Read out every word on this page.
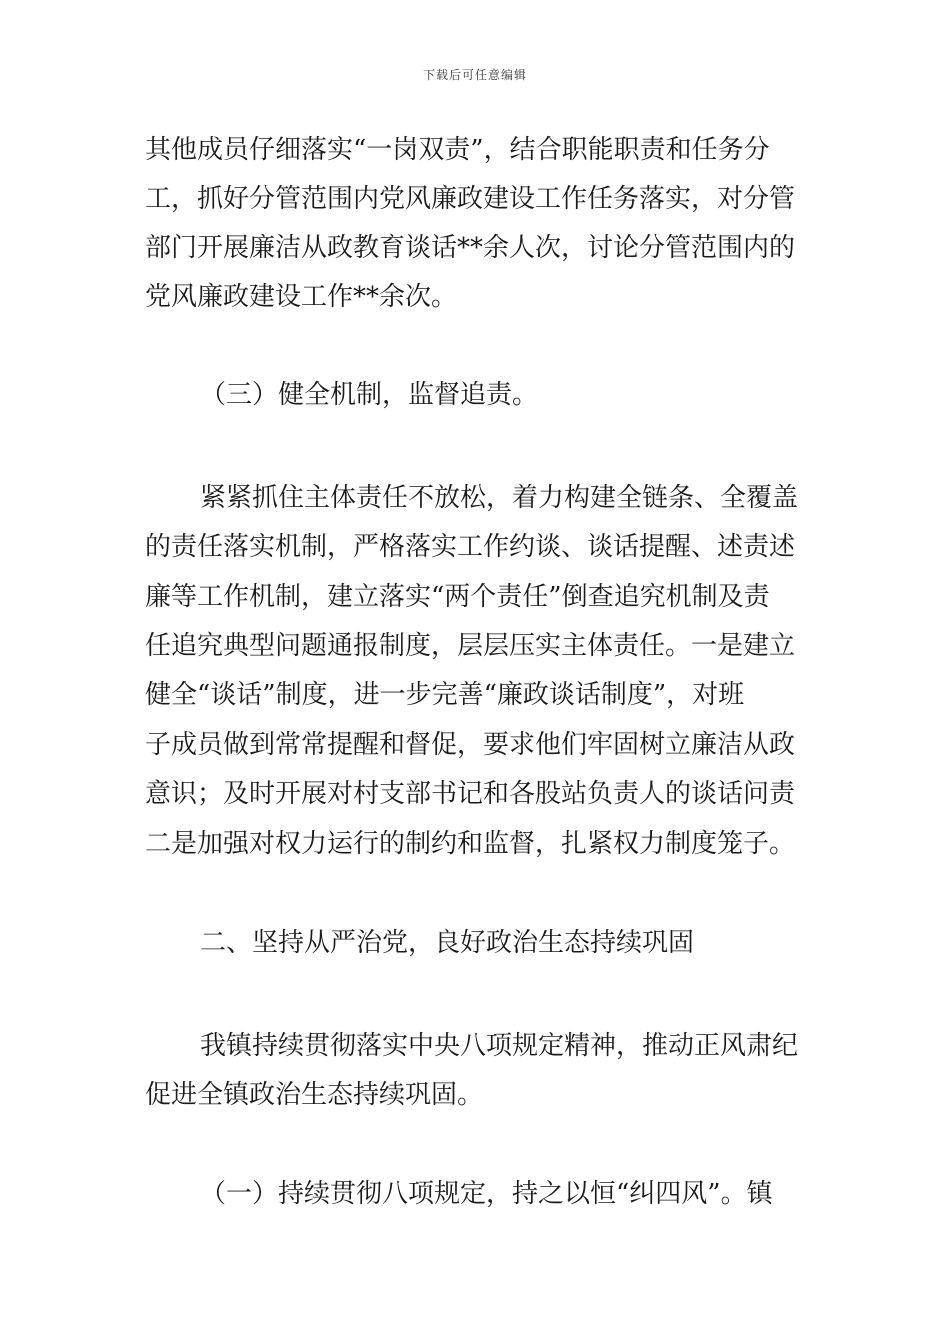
下载后可任意编辑
其他成员仔细落实“一岗双责”，结合职能职责和任务分
工，抓好分管范围内党风廉政建设工作任务落实，对分管
部门开展廉洁从政教育谈话**余人次，讨论分管范围内的
党风廉政建设工作**余次。
（三）健全机制，监督追责。
紧紧抓住主体责任不放松，着力构建全链条、全覆盖
的责任落实机制，严格落实工作约谈、谈话提醒、述责述
廉等工作机制，建立落实“两个责任”倒查追究机制及责
任追究典型问题通报制度，层层压实主体责任。一是建立
健全“谈话”制度，进一步完善“廉政谈话制度”，对班
子成员做到常常提醒和督促，要求他们牢固树立廉洁从政
意识；及时开展对村支部书记和各股站负责人的谈话问责
二是加强对权力运行的制约和监督，扎紧权力制度笼子。
二、坚持从严治党，良好政治生态持续巩固
我镇持续贯彻落实中央八项规定精神，推动正风肃纪
促进全镇政治生态持续巩固。
（一）持续贯彻八项规定，持之以恒“纠四风”。镇
